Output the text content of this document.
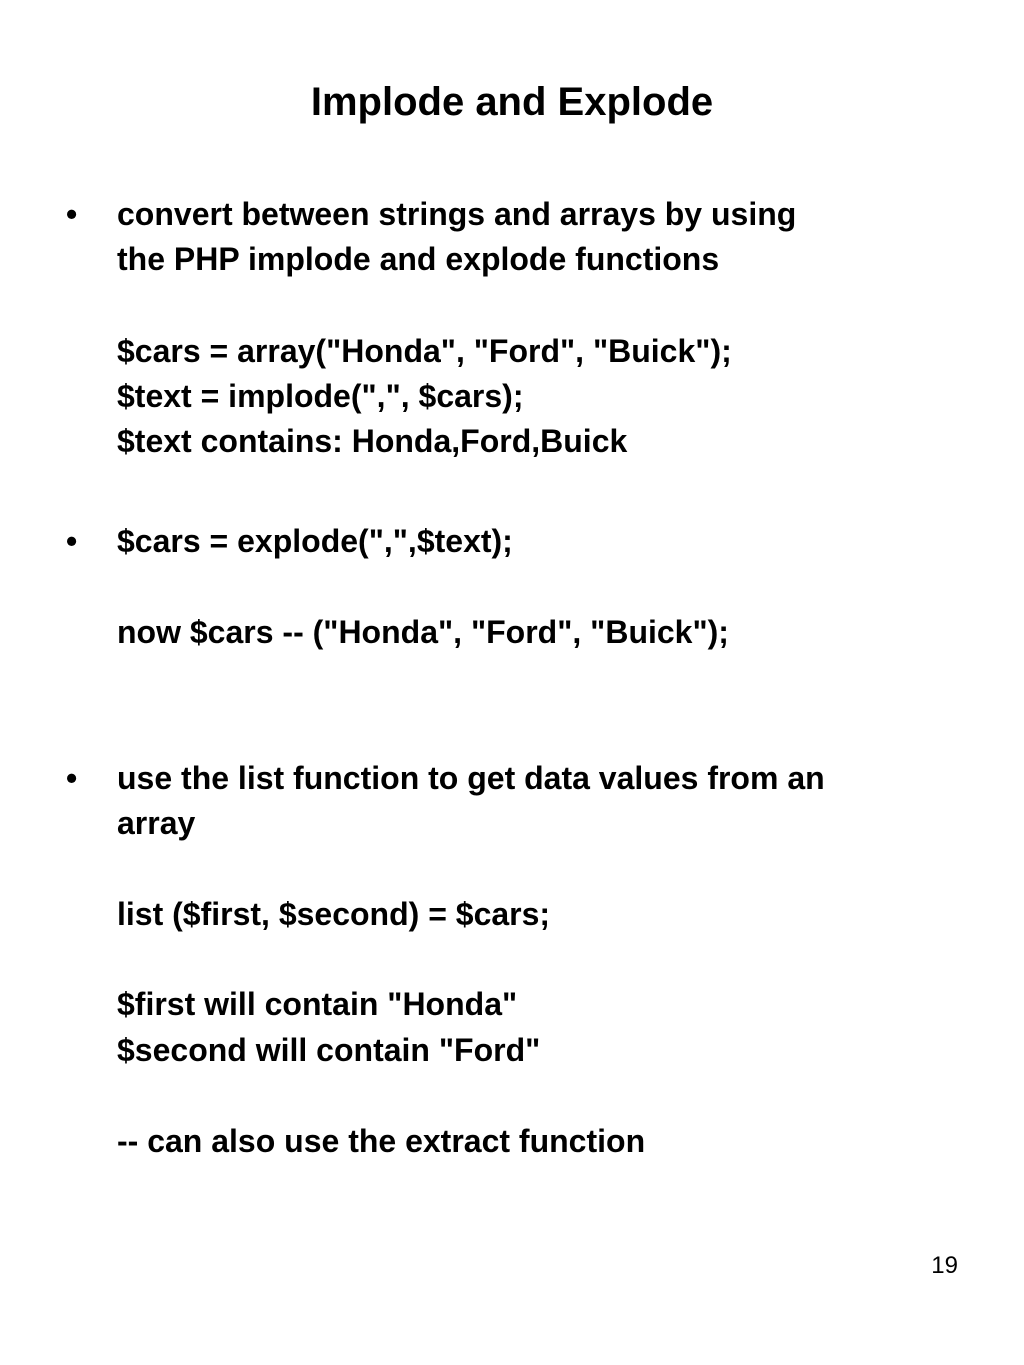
Implode and Explode
• convert between strings and arrays by using
the PHP implode and explode functions
$cars = array("Honda", "Ford", "Buick");
$text = implode(",", $cars);
$text contains: Honda,Ford,Buick
• $cars = explode(",",$text);
now $cars -- ("Honda", "Ford", "Buick");
• use the list function to get data values from an
array
list ($first, $second) = $cars;
$first will contain "Honda"
$second will contain "Ford"
-- can also use the extract function
19
